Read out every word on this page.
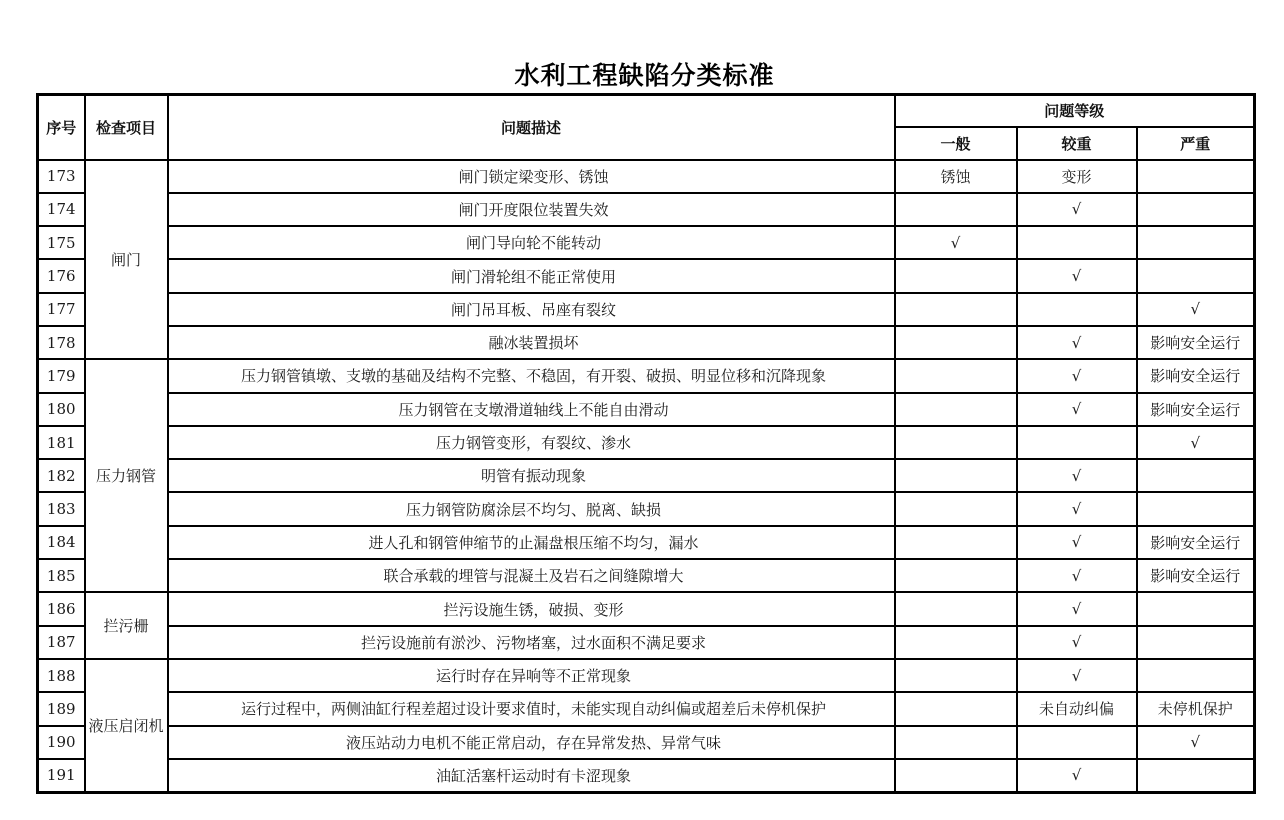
水利工程缺陷分类标准
序号	检查项目	问题描述	问题等级		
			一般	较重	严重
173	闸门	闸门锁定梁变形、锈蚀	锈蚀	变形	
174		闸门开度限位装置失效		√	
175		闸门导向轮不能转动	√		
176		闸门滑轮组不能正常使用		√	
177		闸门吊耳板、吊座有裂纹			√
178		融冰装置损坏		√	影响安全运行
179	压力钢管	压力钢管镇墩、支墩的基础及结构不完整、不稳固，有开裂、破损、明显位移和沉降现象		√	影响安全运行
180		压力钢管在支墩滑道轴线上不能自由滑动		√	影响安全运行
181		压力钢管变形，有裂纹、渗水			√
182		明管有振动现象		√	
183		压力钢管防腐涂层不均匀、脱离、缺损		√	
184		进人孔和钢管伸缩节的止漏盘根压缩不均匀，漏水		√	影响安全运行
185		联合承载的埋管与混凝土及岩石之间缝隙增大		√	影响安全运行
186	拦污栅	拦污设施生锈，破损、变形		√	
187		拦污设施前有淤沙、污物堵塞，过水面积不满足要求		√	
188	液压启闭机	运行时存在异响等不正常现象		√	
189		运行过程中，两侧油缸行程差超过设计要求值时，未能实现自动纠偏或超差后未停机保护		未自动纠偏	未停机保护
190		液压站动力电机不能正常启动，存在异常发热、异常气味			√
191		油缸活塞杆运动时有卡涩现象		√	
